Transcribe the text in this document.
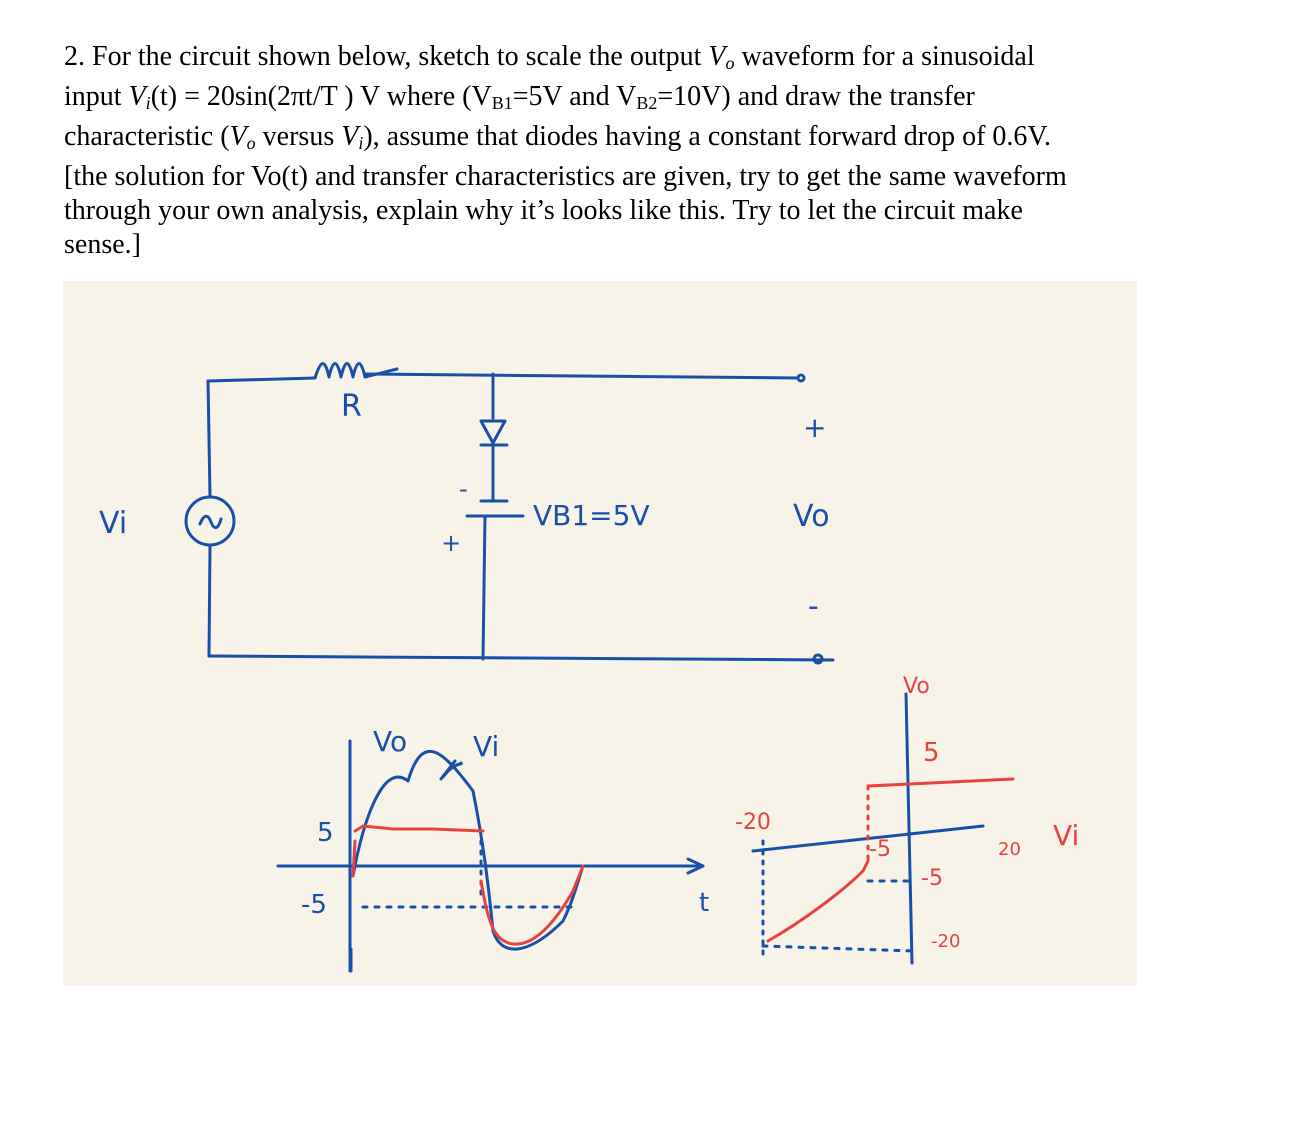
2. For the circuit shown below, sketch to scale the output $V_o$ waveform for a sinusoidal

input $V_i(t) = 20\sin(2\pi t/T$ ) V where ($V_{B1}=5V$ and $V_{B2}=10V$) and draw the transfer

characteristic ($V_o$ versus $V_i$), assume that diodes having a constant forward drop of 0.6V.

[the solution for Vo(t) and transfer characteristics are given, try to get the same waveform

through your own analysis, explain why it’s looks like this. Try to let the circuit make

sense.]

Vi
R
VB1=5V
-
+
+
Vo
-
Vo Vi
5
-5	t
Vo
5
-20
-5	20 Vi
-5
-20
